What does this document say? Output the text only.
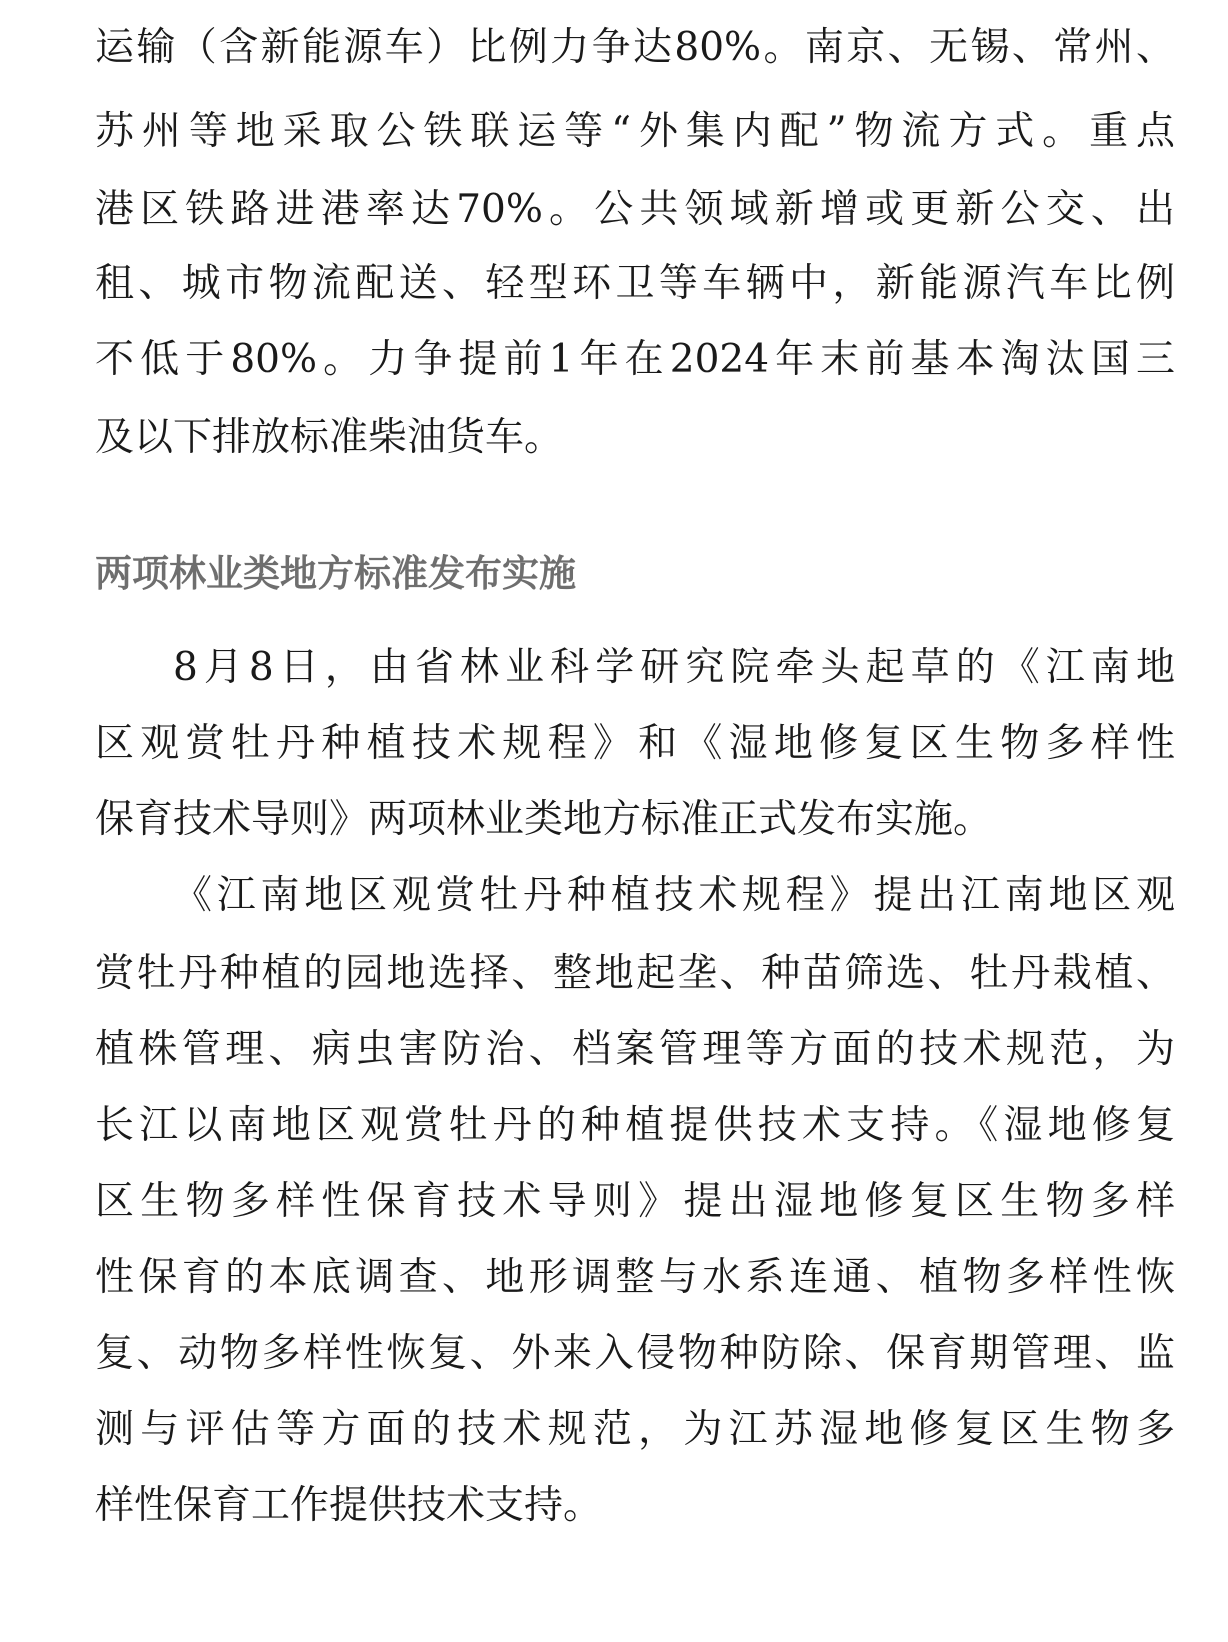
运输（含新能源车）比例力争达80%。南京、无锡、常州、

苏州等地采取公铁联运等“外集内配”物流方式。重点

港区铁路进港率达70%。公共领域新增或更新公交、出

租、城市物流配送、轻型环卫等车辆中，新能源汽车比例

不低于80%。力争提前1年在2024年末前基本淘汰国三

及以下排放标准柴油货车。

两项林业类地方标准发布实施

8月8日，由省林业科学研究院牵头起草的《江南地

区观赏牡丹种植技术规程》和《湿地修复区生物多样性

保育技术导则》两项林业类地方标准正式发布实施。

《江南地区观赏牡丹种植技术规程》提出江南地区观

赏牡丹种植的园地选择、整地起垄、种苗筛选、牡丹栽植、

植株管理、病虫害防治、档案管理等方面的技术规范，为

长江以南地区观赏牡丹的种植提供技术支持。《湿地修复

区生物多样性保育技术导则》提出湿地修复区生物多样

性保育的本底调查、地形调整与水系连通、植物多样性恢

复、动物多样性恢复、外来入侵物种防除、保育期管理、监

测与评估等方面的技术规范，为江苏湿地修复区生物多

样性保育工作提供技术支持。
